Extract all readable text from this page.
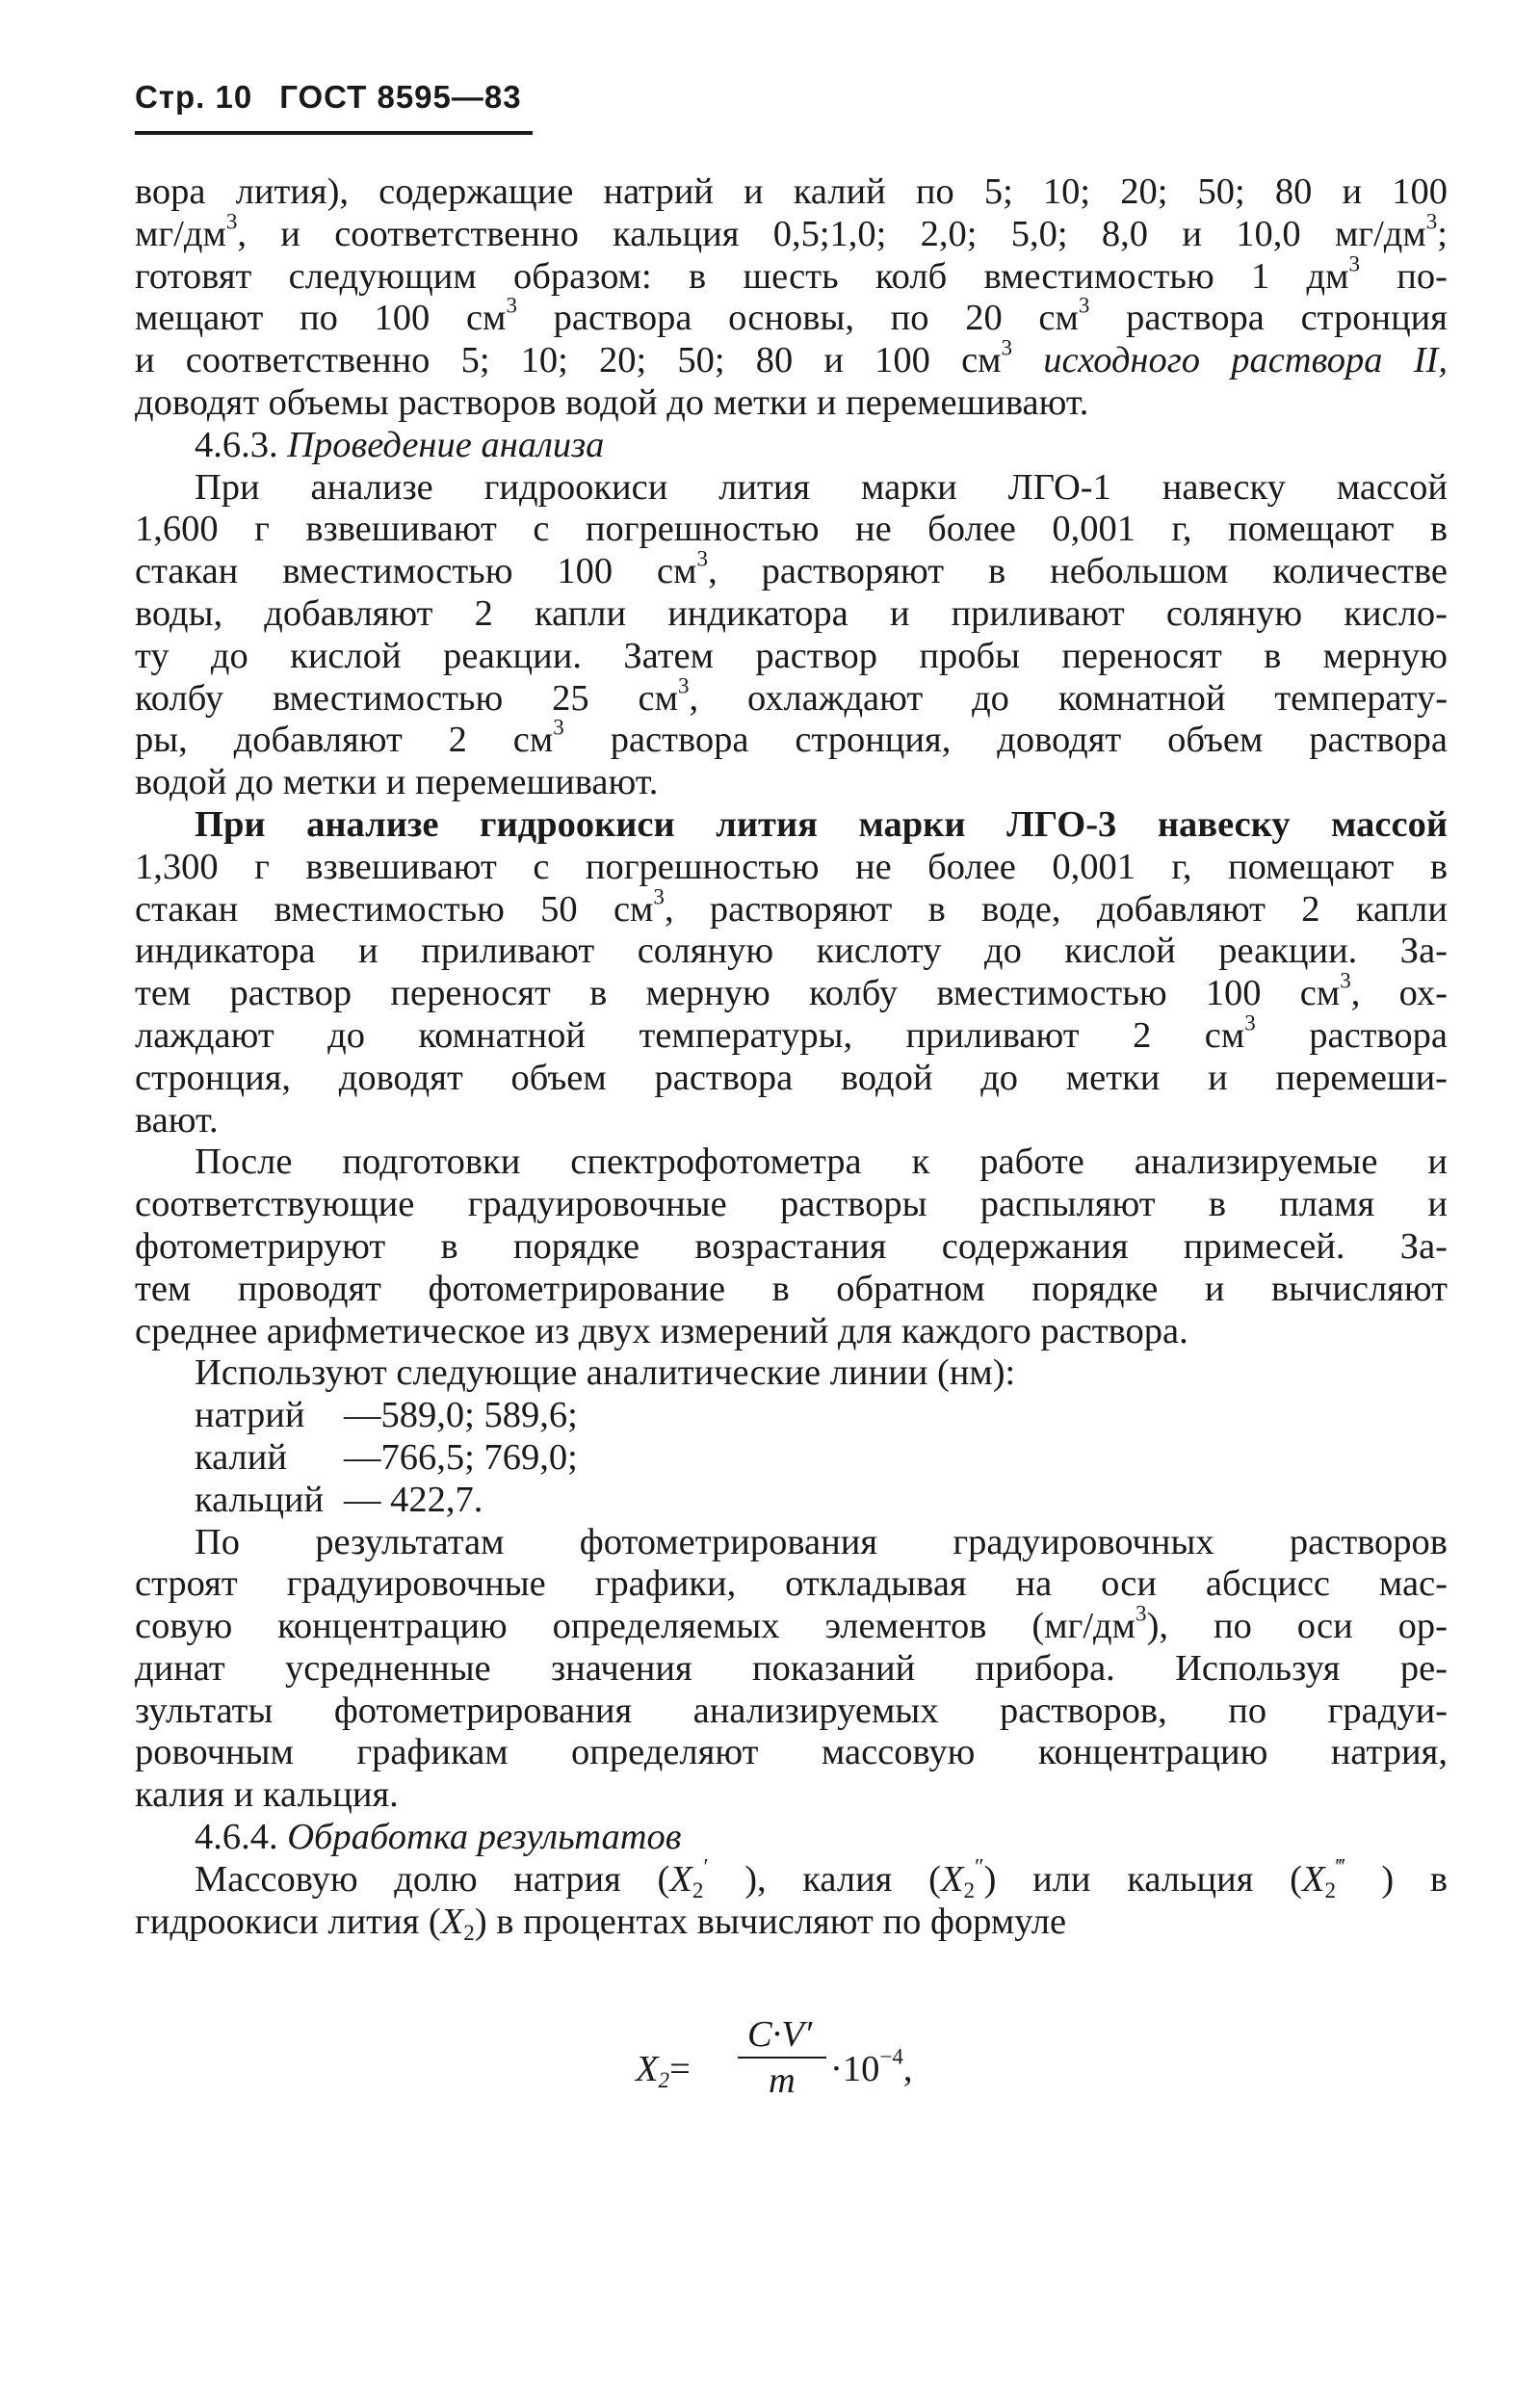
Стр. 10 ГОСТ 8595—83
вора лития), содержащие натрий и калий по 5; 10; 20; 50; 80 и 100
$мг/дм^3$, и соответственно кальция 0,5;1,0; 2,0; 5,0; 8,0 и 10,0 $мг/дм^3$;
готовят следующим образом: в шесть колб вместимостью 1 $дм^3$ по-
мещают по 100 $см^3$ раствора основы, по 20 $см^3$ раствора стронция
и соответственно 5; 10; 20; 50; 80 и 100 $см^3$ исходного раствора II,
доводят объемы растворов водой до метки и перемешивают.
4.6.3. Проведение анализа
При анализе гидроокиси лития марки ЛГО-1 навеску массой
1,600 г взвешивают с погрешностью не более 0,001 г, помещают в
стакан вместимостью 100 $см^3$, растворяют в небольшом количестве
воды, добавляют 2 капли индикатора и приливают соляную кисло-
ту до кислой реакции. Затем раствор пробы переносят в мерную
колбу вместимостью 25 $см^3$, охлаждают до комнатной температу-
ры, добавляют 2 $см^3$ раствора стронция, доводят объем раствора
водой до метки и перемешивают.
При анализе гидроокиси лития марки ЛГО-3 навеску массой
1,300 г взвешивают с погрешностью не более 0,001 г, помещают в
стакан вместимостью 50 $см^3$, растворяют в воде, добавляют 2 капли
индикатора и приливают соляную кислоту до кислой реакции. За-
тем раствор переносят в мерную колбу вместимостью 100 $см^3$, ох-
лаждают до комнатной температуры, приливают 2 $см^3$ раствора
стронция, доводят объем раствора водой до метки и перемеши-
вают.
После подготовки спектрофотометра к работе анализируемые и
соответствующие градуировочные растворы распыляют в пламя и
фотометрируют в порядке возрастания содержания примесей. За-
тем проводят фотометрирование в обратном порядке и вычисляют
среднее арифметическое из двух измерений для каждого раствора.
Используют следующие аналитические линии (нм):
натрий	—589,0; 589,6;
калий	—766,5; 769,0;
кальций — 422,7.
По результатам фотометрирования градуировочных растворов
строят градуировочные графики, откладывая на оси абсцисс мас-
совую концентрацию определяемых элементов $(мг/дм^3)$, по оси ор-
динат усредненные значения показаний прибора. Используя ре-
зультаты фотометрирования анализируемых растворов, по градуи-
ровочным графикам определяют массовую концентрацию натрия,
калия и кальция.
4.6.4. Обработка результатов
Массовую долю натрия ($X_2'$ ), калия $(X_2'')$ или кальция ($X_2^‴$ ) в
гидроокиси лития $(X_2)$ в процентах вычисляют по формуле
$X_2=$
C·V′
$m \cdot 10^{-4}$,
